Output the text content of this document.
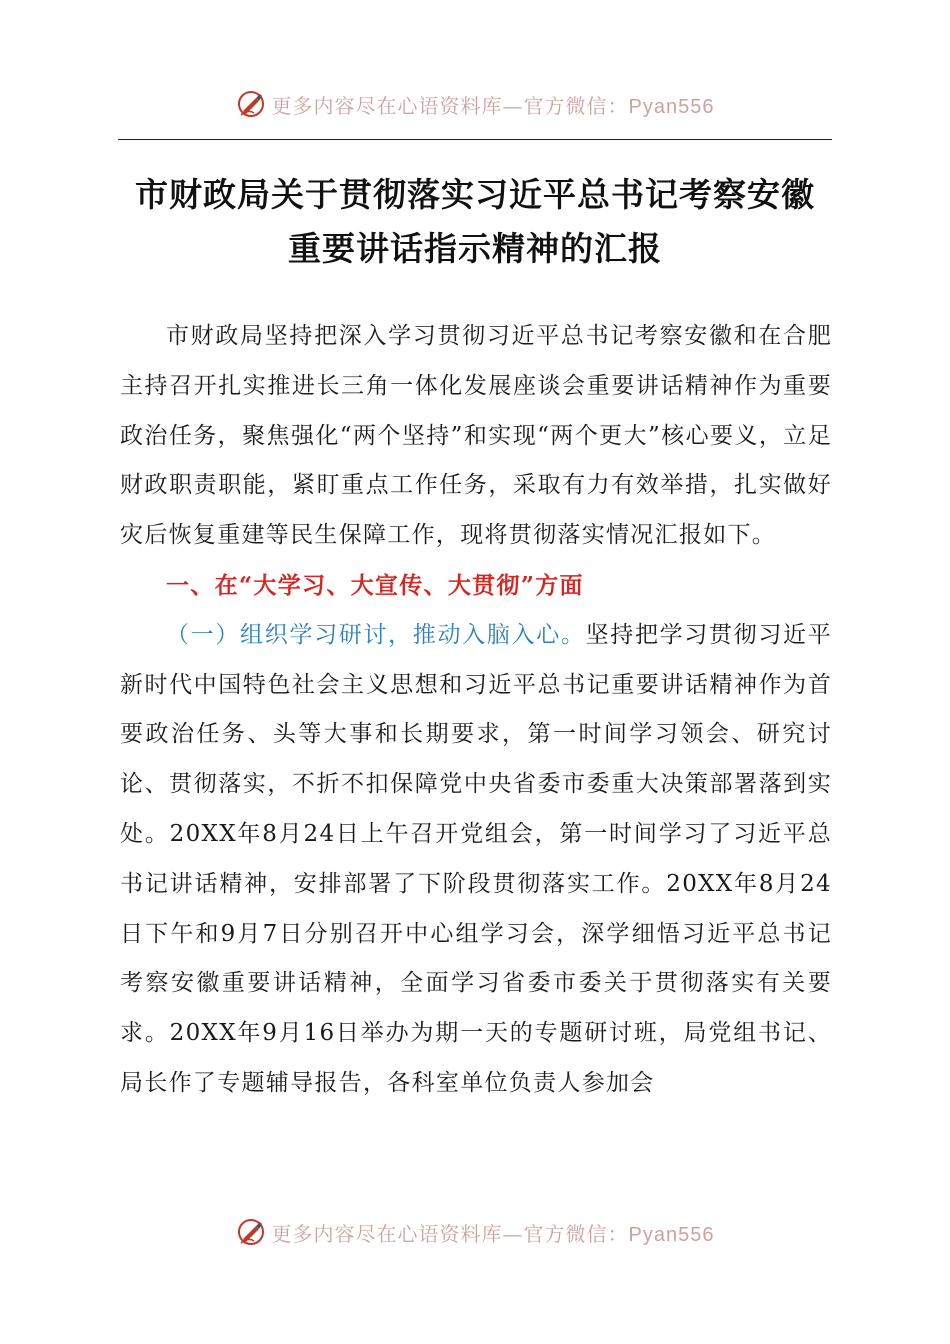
更多内容尽在心语资料库—官方微信：Pyan556
市财政局关于贯彻落实习近平总书记考察安徽
重要讲话指示精神的汇报

市财政局坚持把深入学习贯彻习近平总书记考察安徽和在合肥主持召开扎实推进长三角一体化发展座谈会重要讲话精神作为重要政治任务，聚焦强化“两个坚持”和实现“两个更大”核心要义，立足财政职责职能，紧盯重点工作任务，采取有力有效举措，扎实做好灾后恢复重建等民生保障工作，现将贯彻落实情况汇报如下。

一、在“大学习、大宣传、大贯彻”方面

（一）组织学习研讨，推动入脑入心。坚持把学习贯彻习近平新时代中国特色社会主义思想和习近平总书记重要讲话精神作为首要政治任务、头等大事和长期要求，第一时间学习领会、研究讨论、贯彻落实，不折不扣保障党中央省委市委重大决策部署落到实处。20XX年8月24日上午召开党组会，第一时间学习了习近平总书记讲话精神，安排部署了下阶段贯彻落实工作。20XX年8月24日下午和9月7日分别召开中心组学习会，深学细悟习近平总书记考察安徽重要讲话精神，全面学习省委市委关于贯彻落实有关要求。20XX年9月16日举办为期一天的专题研讨班，局党组书记、局长作了专题辅导报告，各科室单位负责人参加会

更多内容尽在心语资料库—官方微信：Pyan556
